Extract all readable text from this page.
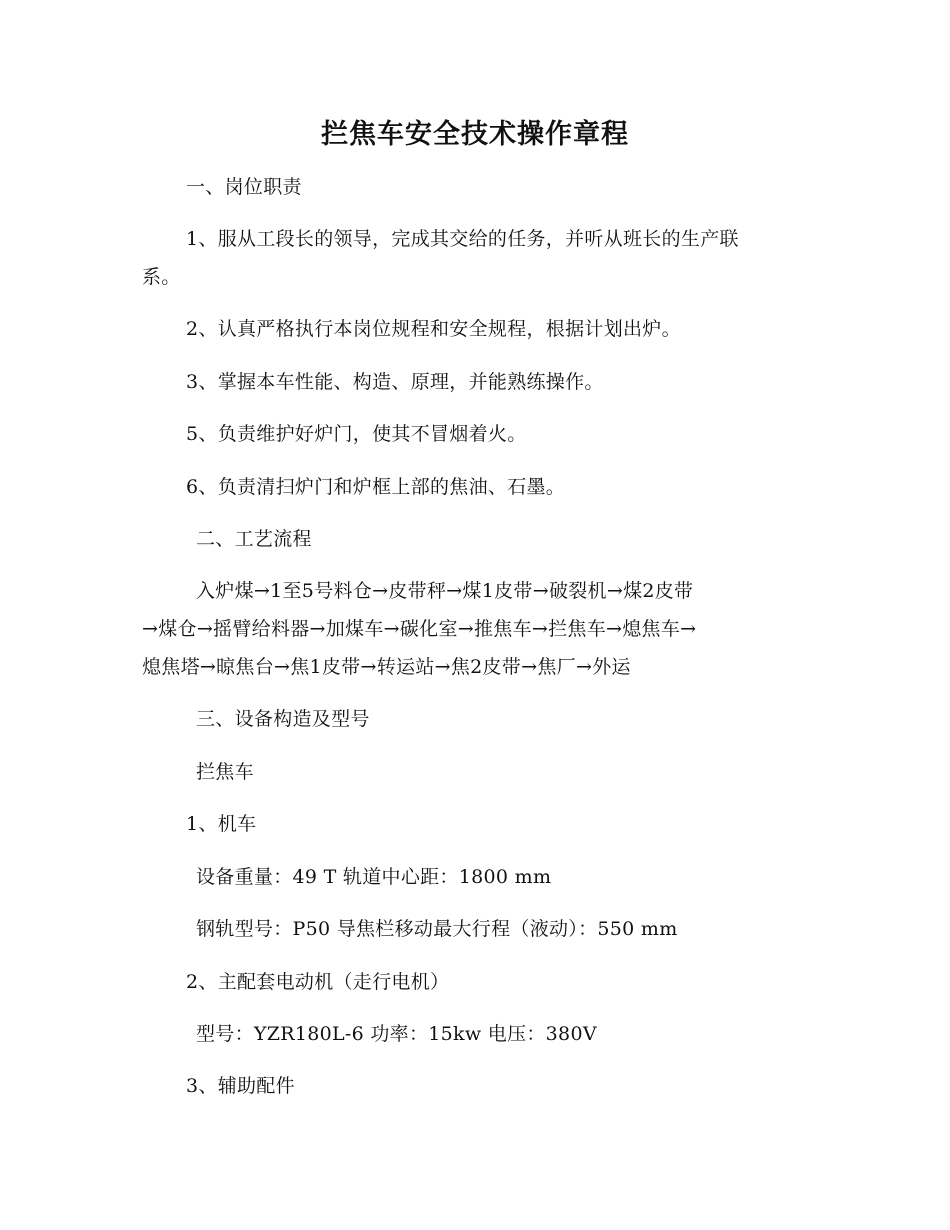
拦焦车安全技术操作章程
一、岗位职责
1、服从工段长的领导，完成其交给的任务，并听从班长的生产联
系。
2、认真严格执行本岗位规程和安全规程，根据计划出炉。
3、掌握本车性能、构造、原理，并能熟练操作。
5、负责维护好炉门，使其不冒烟着火。
6、负责清扫炉门和炉框上部的焦油、石墨。
二、工艺流程
入炉煤→1至5号料仓→皮带秤→煤1皮带→破裂机→煤2皮带
→煤仓→摇臂给料器→加煤车→碳化室→推焦车→拦焦车→熄焦车→
熄焦塔→晾焦台→焦1皮带→转运站→焦2皮带→焦厂→外运
三、设备构造及型号
拦焦车
1、机车
设备重量：49 T 轨道中心距：1800 mm
钢轨型号：P50 导焦栏移动最大行程（液动）：550 mm
2、主配套电动机（走行电机）
型号：YZR180L-6 功率：15kw 电压：380V
3、辅助配件
